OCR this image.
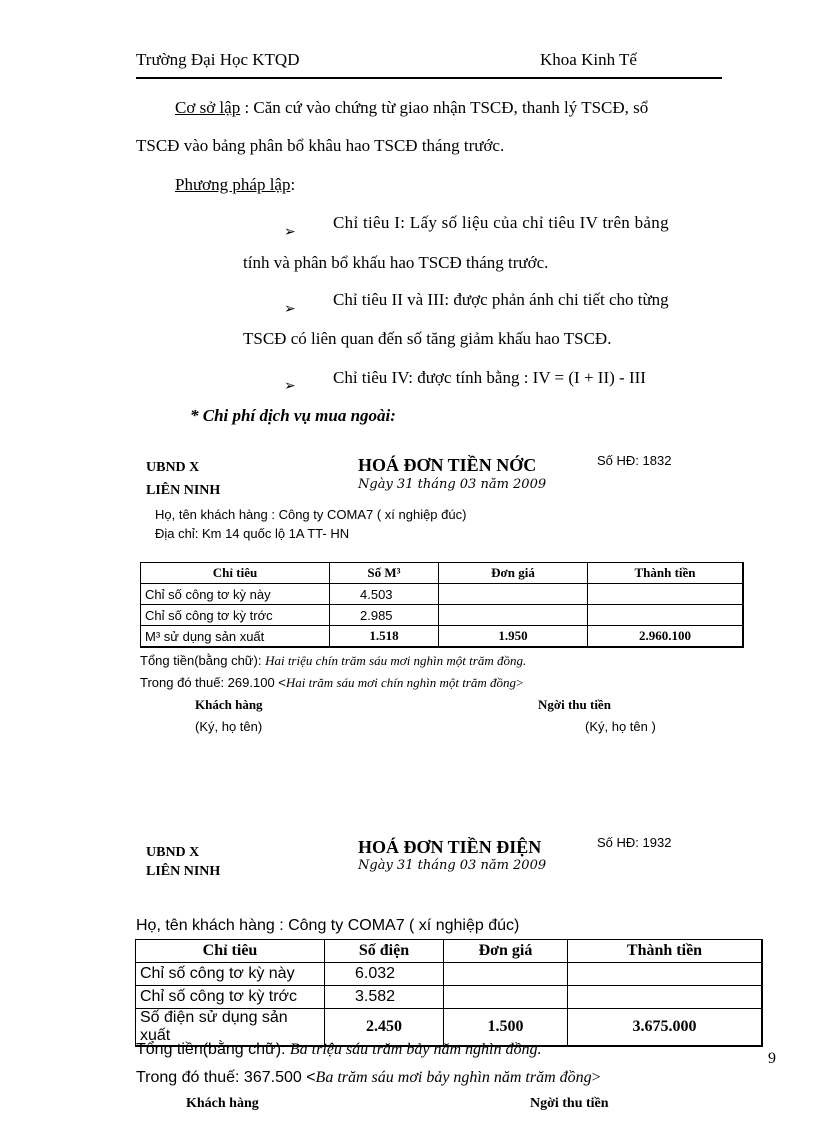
Trường Đại Học KTQD	Khoa Kinh Tế
Cơ sở lập : Căn cứ vào chứng từ giao nhận TSCĐ, thanh lý TSCĐ, sổ
TSCĐ vào bảng phân bổ khâu hao TSCĐ tháng trước.
Phương pháp lập:
➢ Chỉ tiêu I: Lấy số liệu của chỉ tiêu IV trên bảng
tính và phân bổ khấu hao TSCĐ tháng trước.
➢ Chỉ tiêu II và III: được phản ánh chi tiết cho từng
TSCĐ có liên quan đến số tăng giảm khấu hao TSCĐ.
➢ Chỉ tiêu IV: được tính bằng : IV = (I + II) - III
* Chi phí dịch vụ mua ngoài:
UBND X
LIÊN NINH
HOÁ ĐƠN TIỀN NỚC	Số HĐ: 1832
Ngày 31 tháng 03 năm 2009
Họ, tên khách hàng : Công ty COMA7 ( xí nghiệp đúc)
Địa chỉ: Km 14 quốc lộ 1A TT- HN
Chỉ tiêu	Số M³	Đơn giá	Thành tiền
Chỉ số công tơ kỳ này	4.503		
Chỉ số công tơ kỳ trớc	2.985		
M³ sử dụng sản xuất	1.518	1.950	2.960.100
Tổng tiền(bằng chữ): Hai triệu chín trăm sáu mơi nghìn một trăm đồng.
Trong đó thuế: 269.100 <Hai trăm sáu mơi chín nghìn một trăm đồng>
Khách hàng
(Ký, họ tên)
Ngời thu tiền
(Ký, họ tên )
UBND X
LIÊN NINH
HOÁ ĐƠN TIỀN ĐIỆN	Số HĐ: 1932
Ngày 31 tháng 03 năm 2009
Họ, tên khách hàng : Công ty COMA7 ( xí nghiệp đúc)
Chỉ tiêu	Số điện	Đơn giá	Thành tiền
Chỉ số công tơ kỳ này	6.032		
Chỉ số công tơ kỳ trớc	3.582		
Số điện sử dụng sản xuất	2.450	1.500	3.675.000
Tổng tiền(bằng chữ): Ba triệu sáu trăm bảy năm nghìn đồng.
Trong đó thuế: 367.500 <Ba trăm sáu mơi bảy nghìn năm trăm đồng>
Khách hàng	Ngời thu tiền
9
